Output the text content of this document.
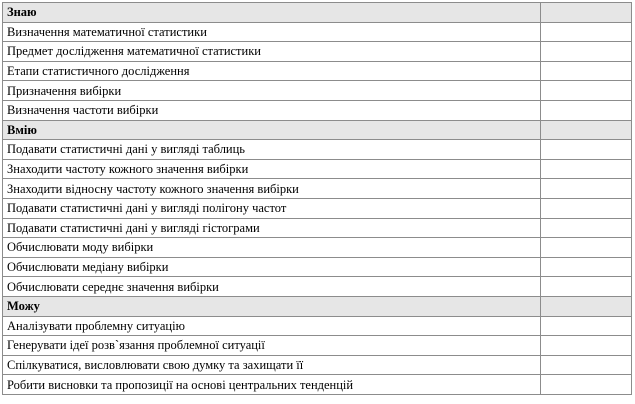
Знаю	
Визначення математичної статистики	
Предмет дослідження математичної статистики	
Етапи статистичного дослідження	
Призначення вибірки	
Визначення частоти вибірки	
Вмію	
Подавати статистичні дані у вигляді таблиць	
Знаходити частоту кожного значення вибірки	
Знаходити відносну частоту кожного значення вибірки	
Подавати статистичні дані у вигляді полігону частот	
Подавати статистичні дані у вигляді гістограми	
Обчислювати моду вибірки	
Обчислювати медіану вибірки	
Обчислювати середнє значення вибірки	
Можу	
Аналізувати проблемну ситуацію	
Генерувати ідеї розв`язання проблемної ситуації	
Спілкуватися, висловлювати свою думку та захищати її	
Робити висновки та пропозиції на основі центральних тенденцій	
